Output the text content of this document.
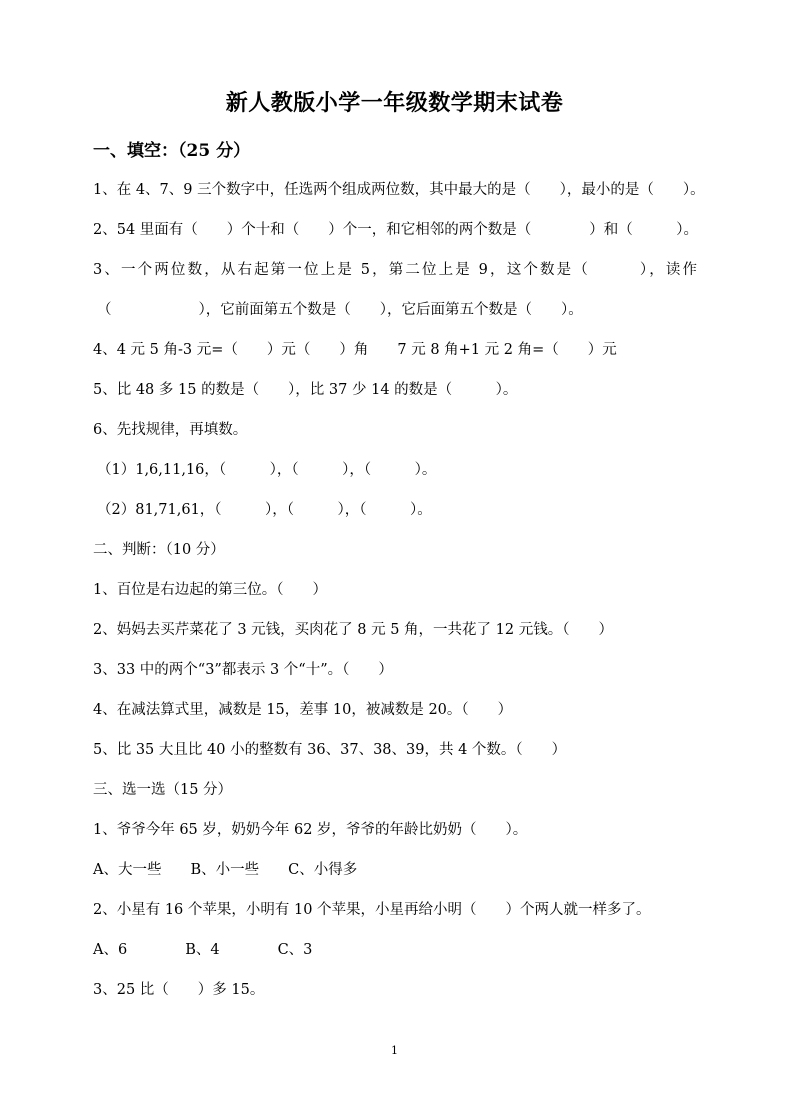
新人教版小学一年级数学期末试卷
一、填空：（25 分）
1、在 4、7、9 三个数字中，任选两个组成两位数，其中最大的是（　　），最小的是（　　）。
2、54 里面有（　　）个十和（　　）个一，和它相邻的两个数是（　　　　）和（　　　）。
3、一个两位数，从右起第一位上是 5，第二位上是 9，这个数是（　　　），读作
（　　　　　　），它前面第五个数是（　　），它后面第五个数是（　　）。
4、4 元 5 角-3 元=（　　）元（　　）角　　7 元 8 角+1 元 2 角=（　　）元
5、比 48 多 15 的数是（　　），比 37 少 14 的数是（　　　）。
6、先找规律，再填数。
（1）1,6,11,16，（　　　），（　　　），（　　　）。
（2）81,71,61，（　　　），（　　　），（　　　）。
二、判断：（10 分）
1、百位是右边起的第三位。（　　）
2、妈妈去买芹菜花了 3 元钱，买肉花了 8 元 5 角，一共花了 12 元钱。（　　）
3、33 中的两个“3”都表示 3 个“十”。（　　）
4、在减法算式里，减数是 15，差事 10，被减数是 20。（　　）
5、比 35 大且比 40 小的整数有 36、37、38、39，共 4 个数。（　　）
三、选一选（15 分）
1、爷爷今年 65 岁，奶奶今年 62 岁，爷爷的年龄比奶奶（　　）。
A、大一些　　B、小一些　　C、小得多
2、小星有 16 个苹果，小明有 10 个苹果，小星再给小明（　　）个两人就一样多了。
A、6　　　　B、4　　　　C、3
3、25 比（　　）多 15。
1
